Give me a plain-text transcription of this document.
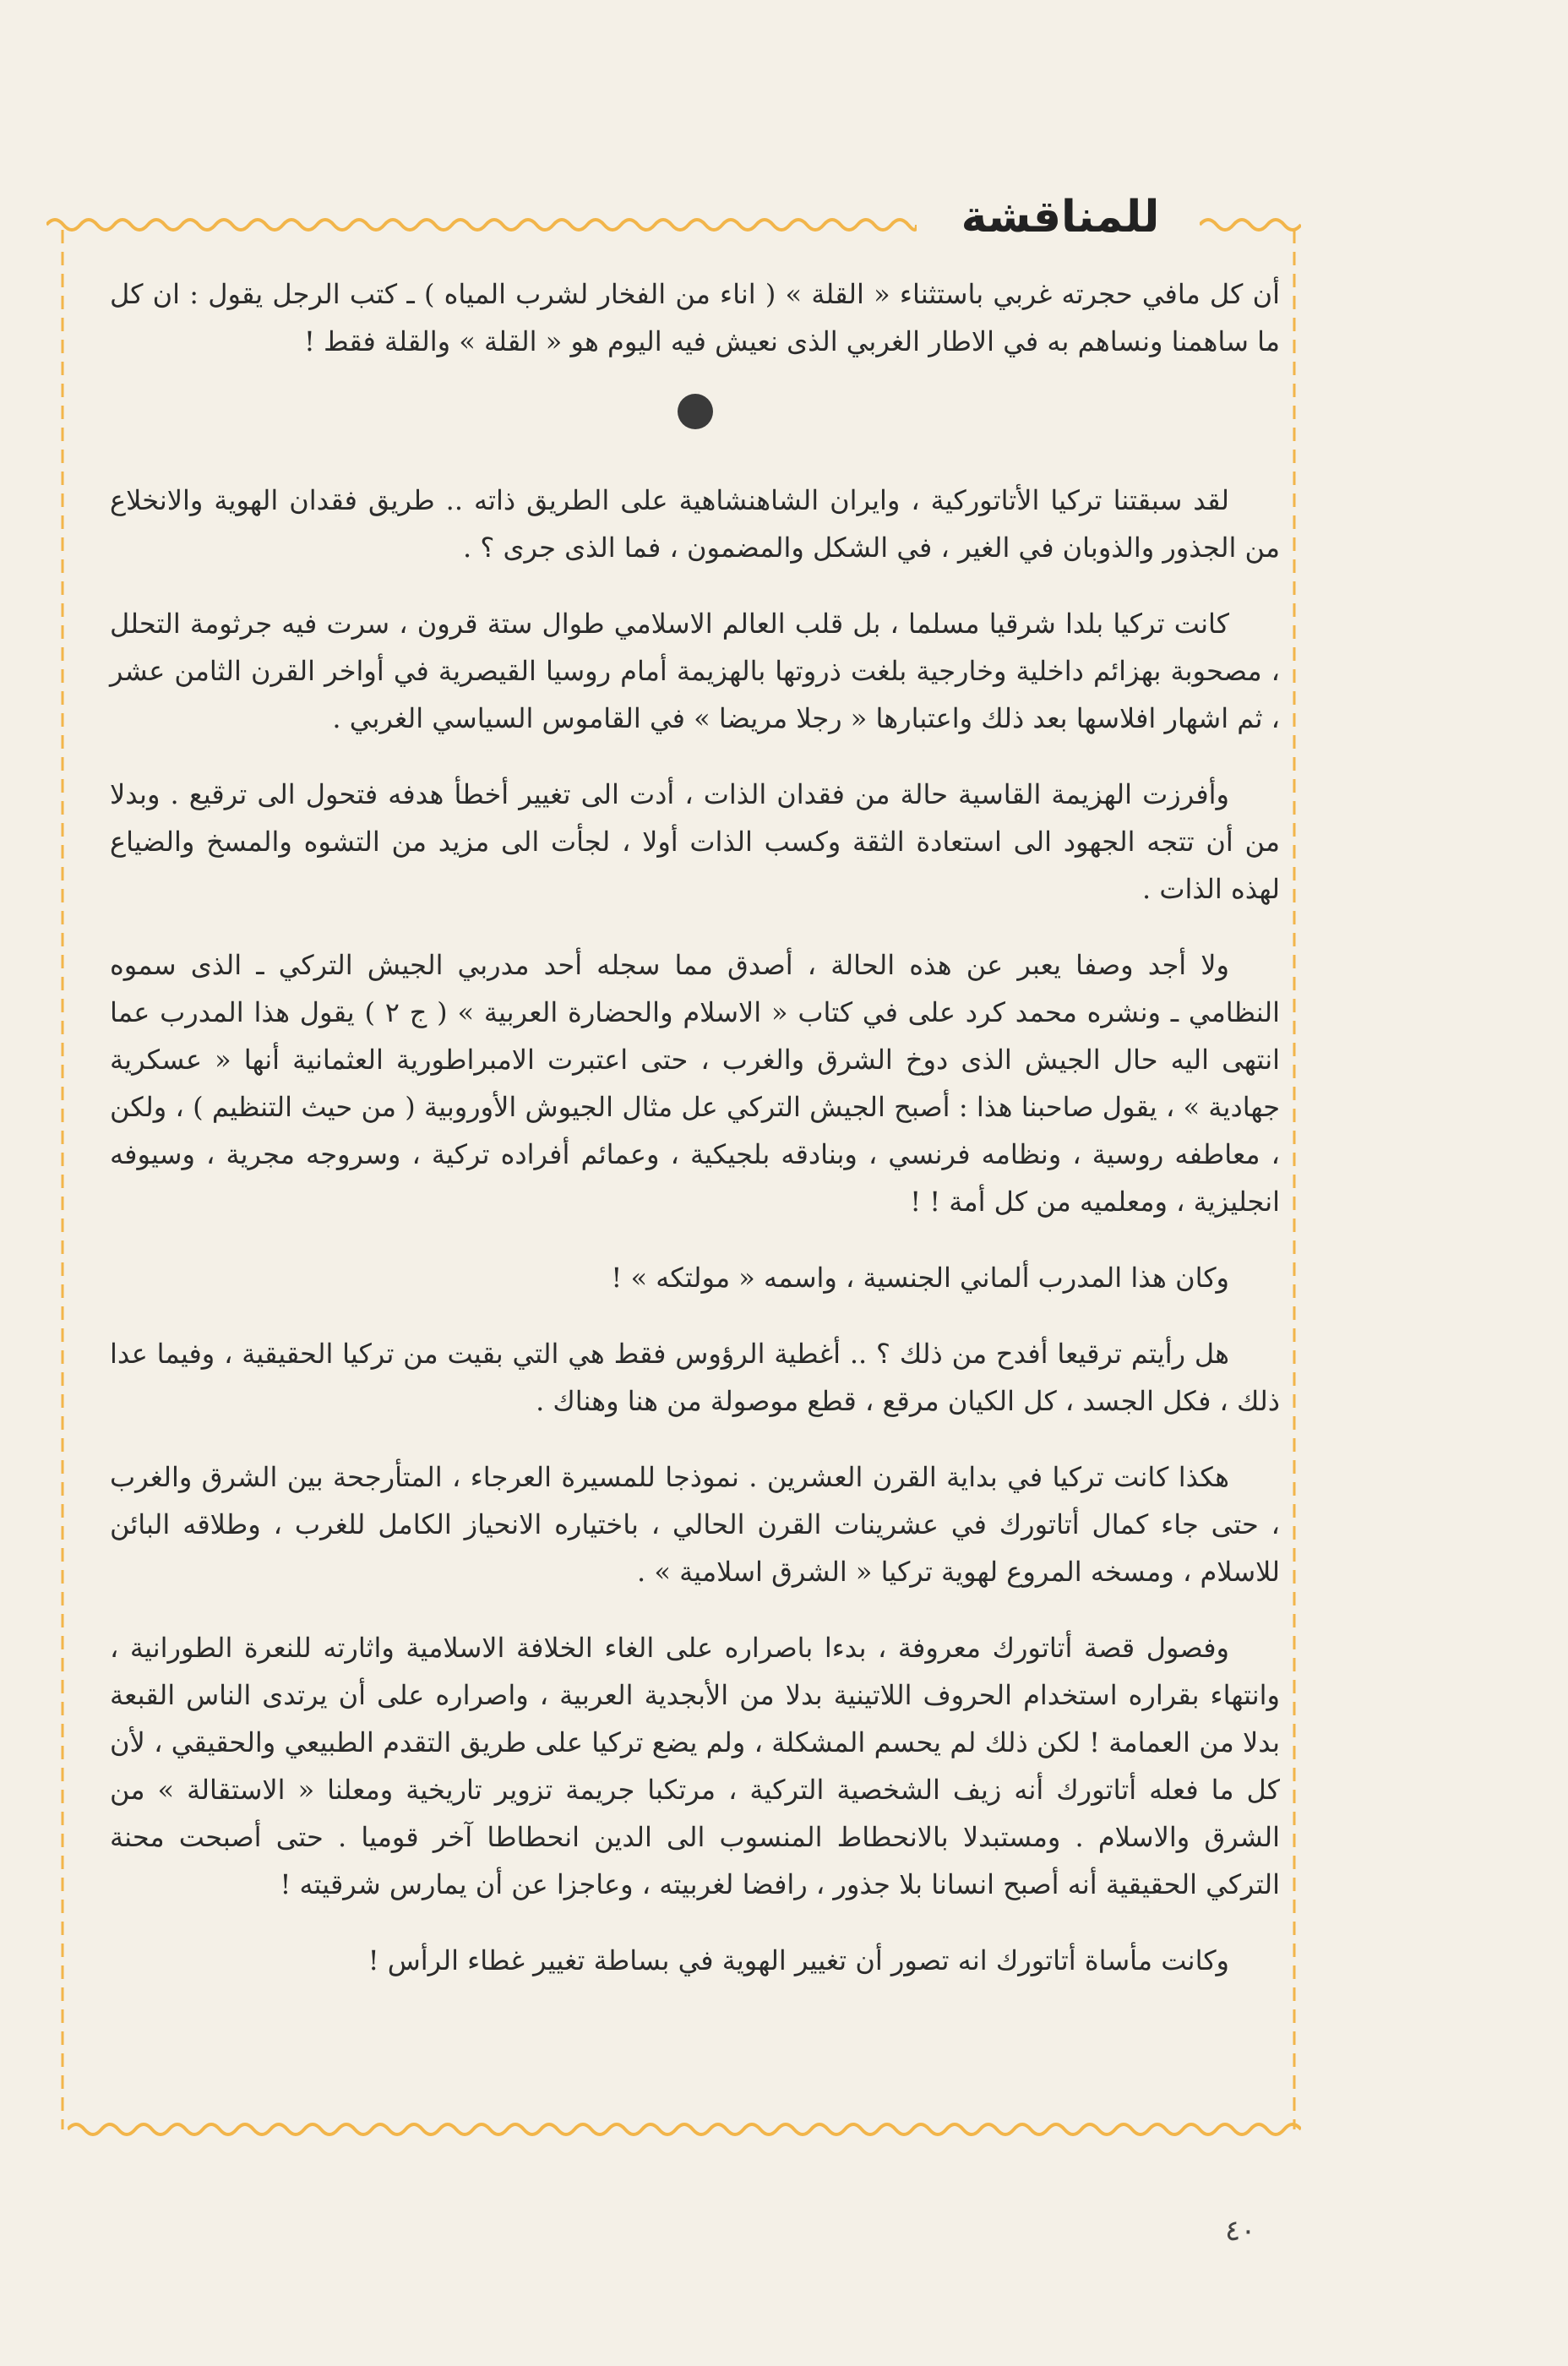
للمناقشة

أن كل مافي حجرته غربي باستثناء « القلة » ( اناء من الفخار لشرب المياه ) ـ كتب الرجل يقول : ان كل ما ساهمنا ونساهم به في الاطار الغربي الذى نعيش فيه اليوم هو « القلة » والقلة فقط !

لقد سبقتنا تركيا الأتاتوركية ، وايران الشاهنشاهية على الطريق ذاته .. طريق فقدان الهوية والانخلاع من الجذور والذوبان في الغير ، في الشكل والمضمون ، فما الذى جرى ؟ .

كانت تركيا بلدا شرقيا مسلما ، بل قلب العالم الاسلامي طوال ستة قرون ، سرت فيه جرثومة التحلل ، مصحوبة بهزائم داخلية وخارجية بلغت ذروتها بالهزيمة أمام روسيا القيصرية في أواخر القرن الثامن عشر ، ثم اشهار افلاسها بعد ذلك واعتبارها « رجلا مريضا » في القاموس السياسي الغربي .

وأفرزت الهزيمة القاسية حالة من فقدان الذات ، أدت الى تغيير أخطأ هدفه فتحول الى ترقيع . وبدلا من أن تتجه الجهود الى استعادة الثقة وكسب الذات أولا ، لجأت الى مزيد من التشوه والمسخ والضياع لهذه الذات .

ولا أجد وصفا يعبر عن هذه الحالة ، أصدق مما سجله أحد مدربي الجيش التركي ـ الذى سموه النظامي ـ ونشره محمد كرد على في كتاب « الاسلام والحضارة العربية » ( ج ٢ ) يقول هذا المدرب عما انتهى اليه حال الجيش الذى دوخ الشرق والغرب ، حتى اعتبرت الامبراطورية العثمانية أنها « عسكرية جهادية » ، يقول صاحبنا هذا : أصبح الجيش التركي عل مثال الجيوش الأوروبية ( من حيث التنظيم ) ، ولكن ، معاطفه روسية ، ونظامه فرنسي ، وبنادقه بلجيكية ، وعمائم أفراده تركية ، وسروجه مجرية ، وسيوفه انجليزية ، ومعلميه من كل أمة ! !

وكان هذا المدرب ألماني الجنسية ، واسمه « مولتكه » !

هل رأيتم ترقيعا أفدح من ذلك ؟ .. أغطية الرؤوس فقط هي التي بقيت من تركيا الحقيقية ، وفيما عدا ذلك ، فكل الجسد ، كل الكيان مرقع ، قطع موصولة من هنا وهناك .

هكذا كانت تركيا في بداية القرن العشرين . نموذجا للمسيرة العرجاء ، المتأرجحة بين الشرق والغرب ، حتى جاء كمال أتاتورك في عشرينات القرن الحالي ، باختياره الانحياز الكامل للغرب ، وطلاقه البائن للاسلام ، ومسخه المروع لهوية تركيا « الشرق اسلامية » .

وفصول قصة أتاتورك معروفة ، بدءا باصراره على الغاء الخلافة الاسلامية واثارته للنعرة الطورانية ، وانتهاء بقراره استخدام الحروف اللاتينية بدلا من الأبجدية العربية ، واصراره على أن يرتدى الناس القبعة بدلا من العمامة ! لكن ذلك لم يحسم المشكلة ، ولم يضع تركيا على طريق التقدم الطبيعي والحقيقي ، لأن كل ما فعله أتاتورك أنه زيف الشخصية التركية ، مرتكبا جريمة تزوير تاريخية ومعلنا « الاستقالة » من الشرق والاسلام . ومستبدلا بالانحطاط المنسوب الى الدين انحطاطا آخر قوميا . حتى أصبحت محنة التركي الحقيقية أنه أصبح انسانا بلا جذور ، رافضا لغربيته ، وعاجزا عن أن يمارس شرقيته !

وكانت مأساة أتاتورك انه تصور أن تغيير الهوية في بساطة تغيير غطاء الرأس !

٤٠
